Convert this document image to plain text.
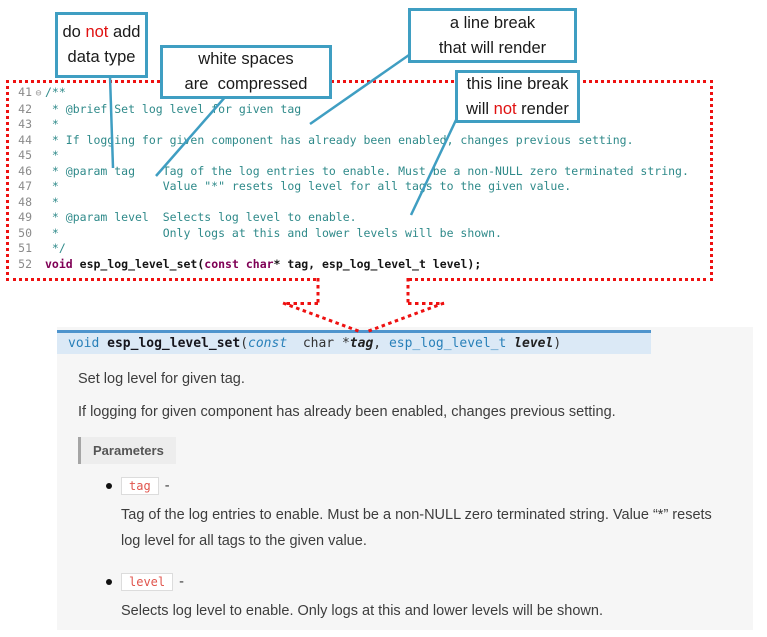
41 ⊖ /**
42 * @brief Set log level for given tag
43 *
44 * If logging for given component has already been enabled, changes previous setting.
45 *
46 * @param tag    Tag of the log entries to enable. Must be a non-NULL zero terminated string.
47 *               Value "*" resets log level for all tags to the given value.
48 *
49 * @param level  Selects log level to enable.
50 *               Only logs at this and lower levels will be shown.
51 */
52 void esp_log_level_set(const char* tag, esp_log_level_t level);
do not add
data type	white spaces
are  compressed
a line break
that will render
this line break
will not render
void
esp_log_level_set ( const char * tag , esp_log_level_t
level )

Set log level for given tag.

If logging for given component has already been enabled, changes previous setting.

Parameters
tag -
Tag of the log entries to enable. Must be a non-NULL zero terminated string. Value “*” resets log level for all tags to the given value.
level -
Selects log level to enable. Only logs at this and lower levels will be shown.
